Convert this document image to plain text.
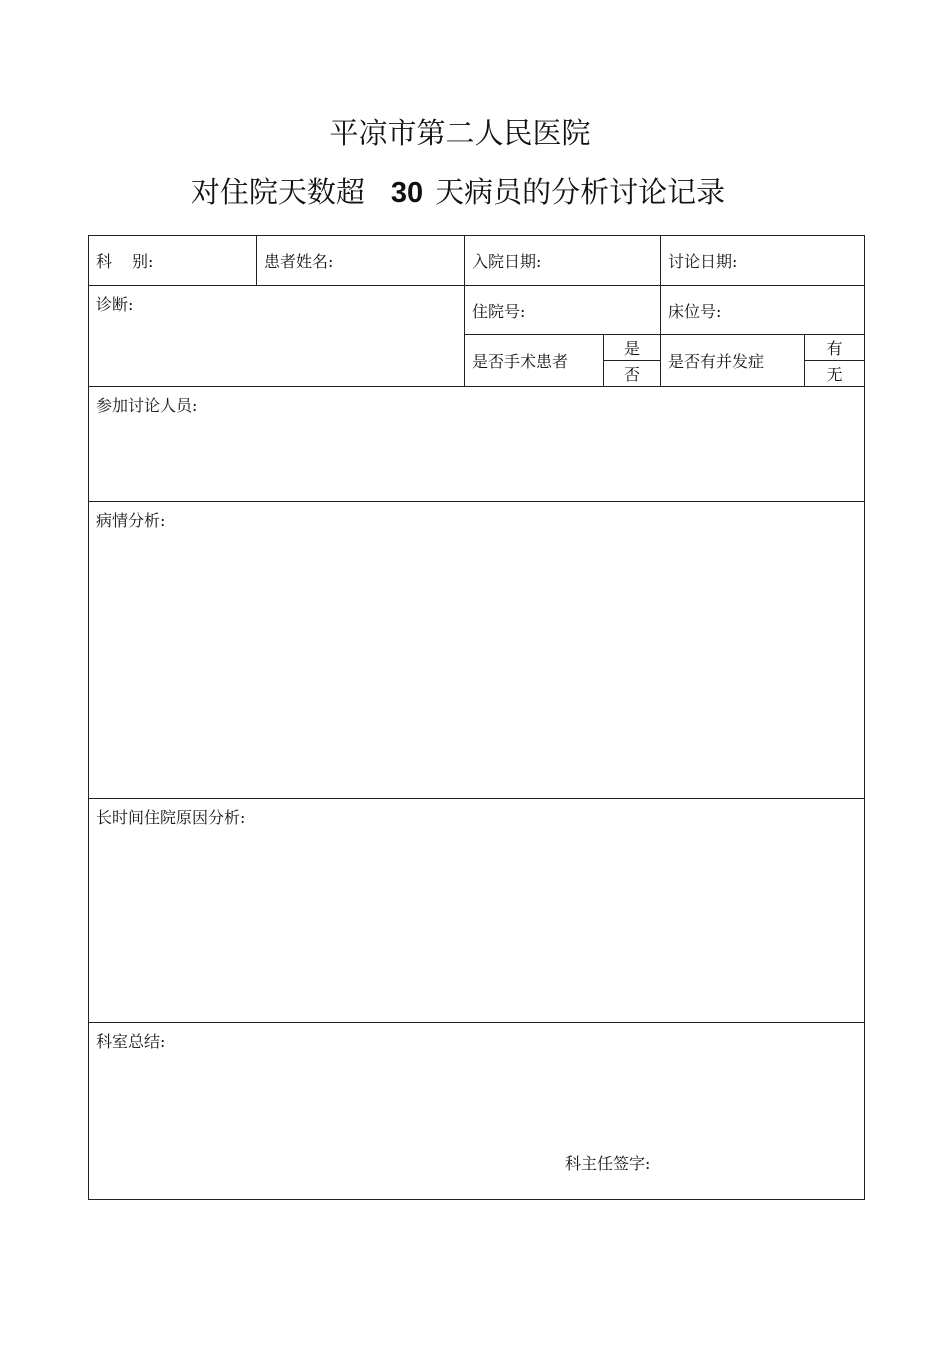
平凉市第二人民医院
对住院天数超 30 天病员的分析讨论记录
科 别:	患者姓名:	入院日期:		讨论日期:	
诊断:		住院号:		床位号:	
		是否手术患者	是	是否有并发症	有
			否		无
参加讨论人员:					
病情分析:					
长时间住院原因分析:					
科室总结:
科主任签字:					
